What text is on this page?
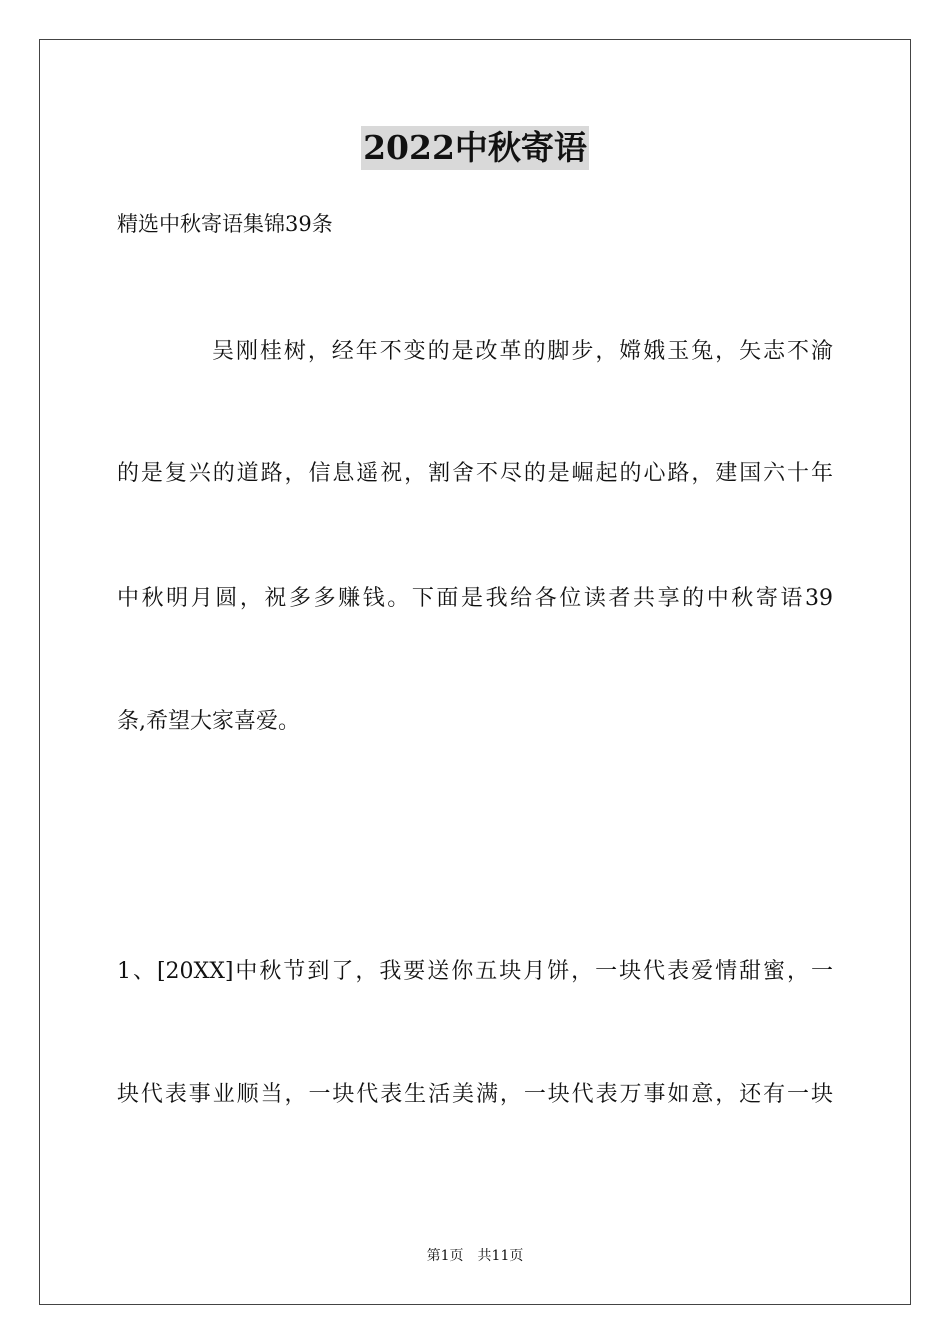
2022中秋寄语
精选中秋寄语集锦39条
吴刚桂树，经年不变的是改革的脚步，嫦娥玉兔，矢志不渝
的是复兴的道路，信息遥祝，割舍不尽的是崛起的心路，建国六十年
中秋明月圆，祝多多赚钱。下面是我给各位读者共享的中秋寄语39
条,希望大家喜爱。
1、[20XX]中秋节到了，我要送你五块月饼，一块代表爱情甜蜜，一
块代表事业顺当，一块代表生活美满，一块代表万事如意，还有一块
第1页　共11页
